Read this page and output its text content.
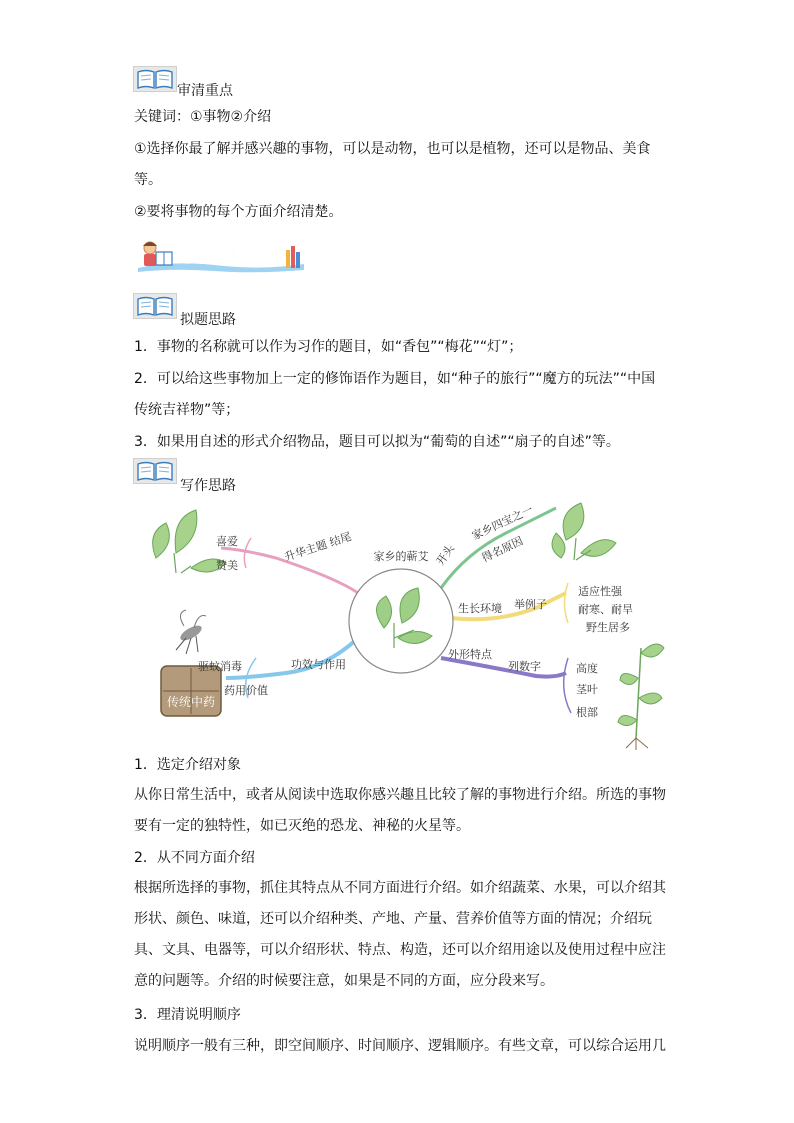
审清重点
关键词：①事物②介绍
①选择你最了解并感兴趣的事物，可以是动物，也可以是植物，还可以是物品、美食等。
②要将事物的每个方面介绍清楚。
思路指引
拟题思路
1．事物的名称就可以作为习作的题目，如“香包”“梅花”“灯”；
2．可以给这些事物加上一定的修饰语作为题目，如“种子的旅行”“魔方的玩法”“中国传统吉祥物”等；
3．如果用自述的形式介绍物品，题目可以拟为“葡萄的自述”“扇子的自述”等。
写作思路
传统中药
家乡的蕲艾
升华主题 结尾
喜爱
赞美
功效与作用
驱蚊消毒
药用价值
开头
家乡四宝之一
得名原因
生长环境 举例子
适应性强
耐寒、耐旱
野生居多
外形特点
列数字	高度
茎叶
根部
1．选定介绍对象
从你日常生活中，或者从阅读中选取你感兴趣且比较了解的事物进行介绍。所选的事物要有一定的独特性，如已灭绝的恐龙、神秘的火星等。
2．从不同方面介绍
根据所选择的事物，抓住其特点从不同方面进行介绍。如介绍蔬菜、水果，可以介绍其形状、颜色、味道，还可以介绍种类、产地、产量、营养价值等方面的情况；介绍玩具、文具、电器等，可以介绍形状、特点、构造，还可以介绍用途以及使用过程中应注意的问题等。介绍的时候要注意，如果是不同的方面，应分段来写。
3．理清说明顺序
说明顺序一般有三种，即空间顺序、时间顺序、逻辑顺序。有些文章，可以综合运用几
